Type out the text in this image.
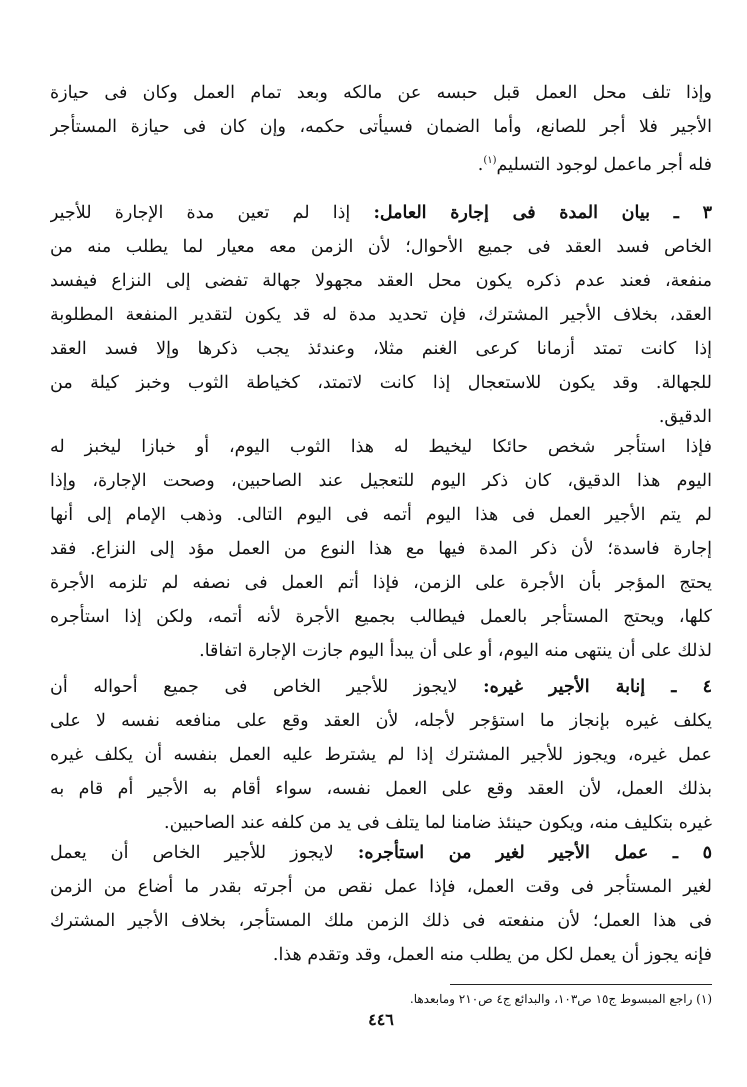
وإذا تلف محل العمل قبل حبسه عن مالكه وبعد تمام العمل وكان فى حيازة
الأجير فلا أجر للصانع، وأما الضمان فسيأتى حكمه، وإن كان فى حيازة المستأجر
فله أجر ماعمل لوجود التسليم$^{(١)}$.
٣ ـ بيان المدة فى إجارة العامل: إذا لم تعين مدة الإجارة للأجير
الخاص فسد العقد فى جميع الأحوال؛ لأن الزمن معه معيار لما يطلب منه من
منفعة، فعند عدم ذكره يكون محل العقد مجهولا جهالة تفضى إلى النزاع فيفسد
العقد، بخلاف الأجير المشترك، فإن تحديد مدة له قد يكون لتقدير المنفعة المطلوبة
إذا كانت تمتد أزمانا كرعى الغنم مثلا، وعندئذ يجب ذكرها وإلا فسد العقد
للجهالة. وقد يكون للاستعجال إذا كانت لاتمتد، كخياطة الثوب وخبز كيلة من
الدقيق.
فإذا استأجر شخص حائكا ليخيط له هذا الثوب اليوم، أو خبازا ليخبز له
اليوم هذا الدقيق، كان ذكر اليوم للتعجيل عند الصاحبين، وصحت الإجارة، وإذا
لم يتم الأجير العمل فى هذا اليوم أتمه فى اليوم التالى. وذهب الإمام إلى أنها
إجارة فاسدة؛ لأن ذكر المدة فيها مع هذا النوع من العمل مؤد إلى النزاع. فقد
يحتج المؤجر بأن الأجرة على الزمن، فإذا أتم العمل فى نصفه لم تلزمه الأجرة
كلها، ويحتج المستأجر بالعمل فيطالب بجميع الأجرة لأنه أتمه، ولكن إذا استأجره
لذلك على أن ينتهى منه اليوم، أو على أن يبدأ اليوم جازت الإجارة اتفاقا.
٤ ـ إنابة الأجير غيره: لايجوز للأجير الخاص فى جميع أحواله أن
يكلف غيره بإنجاز ما استؤجر لأجله، لأن العقد وقع على منافعه نفسه لا على
عمل غيره، ويجوز للأجير المشترك إذا لم يشترط عليه العمل بنفسه أن يكلف غيره
بذلك العمل، لأن العقد وقع على العمل نفسه، سواء أقام به الأجير أم قام به
غيره بتكليف منه، ويكون حينئذ ضامنا لما يتلف فى يد من كلفه عند الصاحبين.
٥ ـ عمل الأجير لغير من استأجره: لايجوز للأجير الخاص أن يعمل
لغير المستأجر فى وقت العمل، فإذا عمل نقص من أجرته بقدر ما أضاع من الزمن
فى هذا العمل؛ لأن منفعته فى ذلك الزمن ملك المستأجر، بخلاف الأجير المشترك
فإنه يجوز أن يعمل لكل من يطلب منه العمل، وقد وتقدم هذا.
(١) راجع المبسوط ج١٥ ص١٠٣، والبدائع ج٤ ص٢١٠ ومابعدها.
٤٤٦
